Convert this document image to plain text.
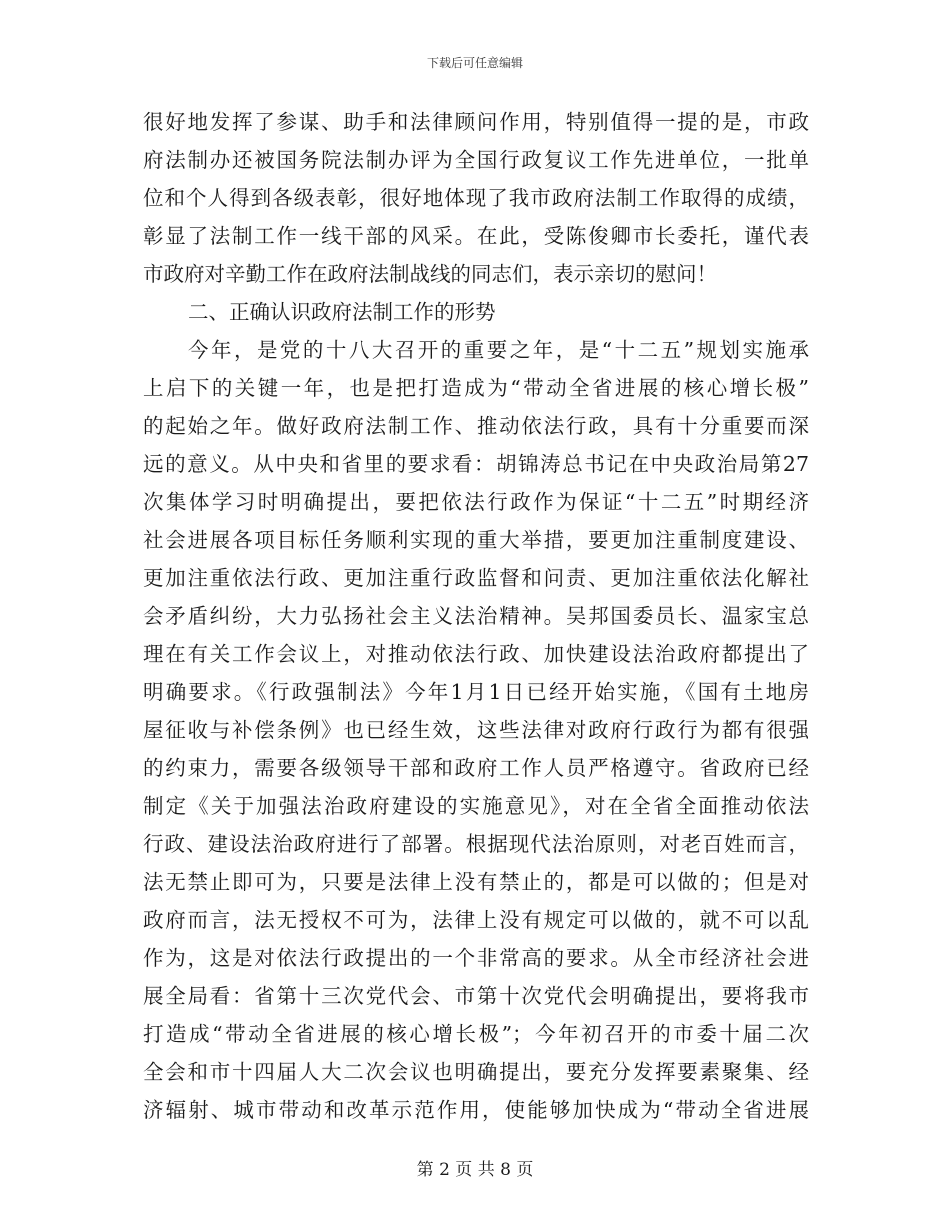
下载后可任意编辑
很好地发挥了参谋、助手和法律顾问作用，特别值得一提的是，市政
府法制办还被国务院法制办评为全国行政复议工作先进单位，一批单
位和个人得到各级表彰，很好地体现了我市政府法制工作取得的成绩，
彰显了法制工作一线干部的风采。在此，受陈俊卿市长委托，谨代表
市政府对辛勤工作在政府法制战线的同志们，表示亲切的慰问！
二、正确认识政府法制工作的形势
今年，是党的十八大召开的重要之年，是“十二五”规划实施承
上启下的关键一年，也是把打造成为“带动全省进展的核心增长极”
的起始之年。做好政府法制工作、推动依法行政，具有十分重要而深
远的意义。从中央和省里的要求看：胡锦涛总书记在中央政治局第27
次集体学习时明确提出，要把依法行政作为保证“十二五”时期经济
社会进展各项目标任务顺利实现的重大举措，要更加注重制度建设、
更加注重依法行政、更加注重行政监督和问责、更加注重依法化解社
会矛盾纠纷，大力弘扬社会主义法治精神。吴邦国委员长、温家宝总
理在有关工作会议上，对推动依法行政、加快建设法治政府都提出了
明确要求。《行政强制法》今年1月1日已经开始实施，《国有土地房
屋征收与补偿条例》也已经生效，这些法律对政府行政行为都有很强
的约束力，需要各级领导干部和政府工作人员严格遵守。省政府已经
制定《关于加强法治政府建设的实施意见》，对在全省全面推动依法
行政、建设法治政府进行了部署。根据现代法治原则，对老百姓而言，
法无禁止即可为，只要是法律上没有禁止的，都是可以做的；但是对
政府而言，法无授权不可为，法律上没有规定可以做的，就不可以乱
作为，这是对依法行政提出的一个非常高的要求。从全市经济社会进
展全局看：省第十三次党代会、市第十次党代会明确提出，要将我市
打造成“带动全省进展的核心增长极”；今年初召开的市委十届二次
全会和市十四届人大二次会议也明确提出，要充分发挥要素聚集、经
济辐射、城市带动和改革示范作用，使能够加快成为“带动全省进展
第 2 页 共 8 页
